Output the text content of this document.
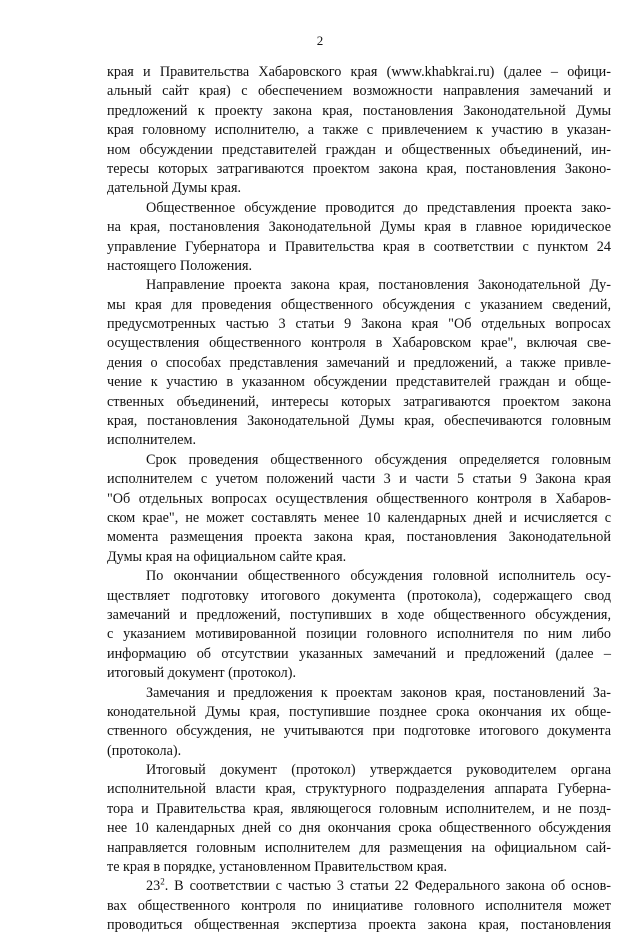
2
края и Правительства Хабаровского края (www.khabkrai.ru) (далее – офици-
альный сайт края) с обеспечением возможности направления замечаний и
предложений к проекту закона края, постановления Законодательной Думы
края головному исполнителю, а также с привлечением к участию в указан-
ном обсуждении представителей граждан и общественных объединений, ин-
тересы которых затрагиваются проектом закона края, постановления Законо-
дательной Думы края.
Общественное обсуждение проводится до представления проекта зако-
на края, постановления Законодательной Думы края в главное юридическое
управление Губернатора и Правительства края в соответствии с пунктом 24
настоящего Положения.
Направление проекта закона края, постановления Законодательной Ду-
мы края для проведения общественного обсуждения с указанием сведений,
предусмотренных частью 3 статьи 9 Закона края "Об отдельных вопросах
осуществления общественного контроля в Хабаровском крае", включая све-
дения о способах представления замечаний и предложений, а также привле-
чение к участию в указанном обсуждении представителей граждан и обще-
ственных объединений, интересы которых затрагиваются проектом закона
края, постановления Законодательной Думы края, обеспечиваются головным
исполнителем.
Срок проведения общественного обсуждения определяется головным
исполнителем с учетом положений части 3 и части 5 статьи 9 Закона края
"Об отдельных вопросах осуществления общественного контроля в Хабаров-
ском крае", не может составлять менее 10 календарных дней и исчисляется с
момента размещения проекта закона края, постановления Законодательной
Думы края на официальном сайте края.
По окончании общественного обсуждения головной исполнитель осу-
ществляет подготовку итогового документа (протокола), содержащего свод
замечаний и предложений, поступивших в ходе общественного обсуждения,
с указанием мотивированной позиции головного исполнителя по ним либо
информацию об отсутствии указанных замечаний и предложений (далее –
итоговый документ (протокол).
Замечания и предложения к проектам законов края, постановлений За-
конодательной Думы края, поступившие позднее срока окончания их обще-
ственного обсуждения, не учитываются при подготовке итогового документа
(протокола).
Итоговый документ (протокол) утверждается руководителем органа
исполнительной власти края, структурного подразделения аппарата Губерна-
тора и Правительства края, являющегося головным исполнителем, и не позд-
нее 10 календарных дней со дня окончания срока общественного обсуждения
направляется головным исполнителем для размещения на официальном сай-
те края в порядке, установленном Правительством края.
$23^2$. В соответствии с частью 3 статьи 22 Федерального закона об основ-
вах общественного контроля по инициативе головного исполнителя может
проводиться общественная экспертиза проекта закона края, постановления
